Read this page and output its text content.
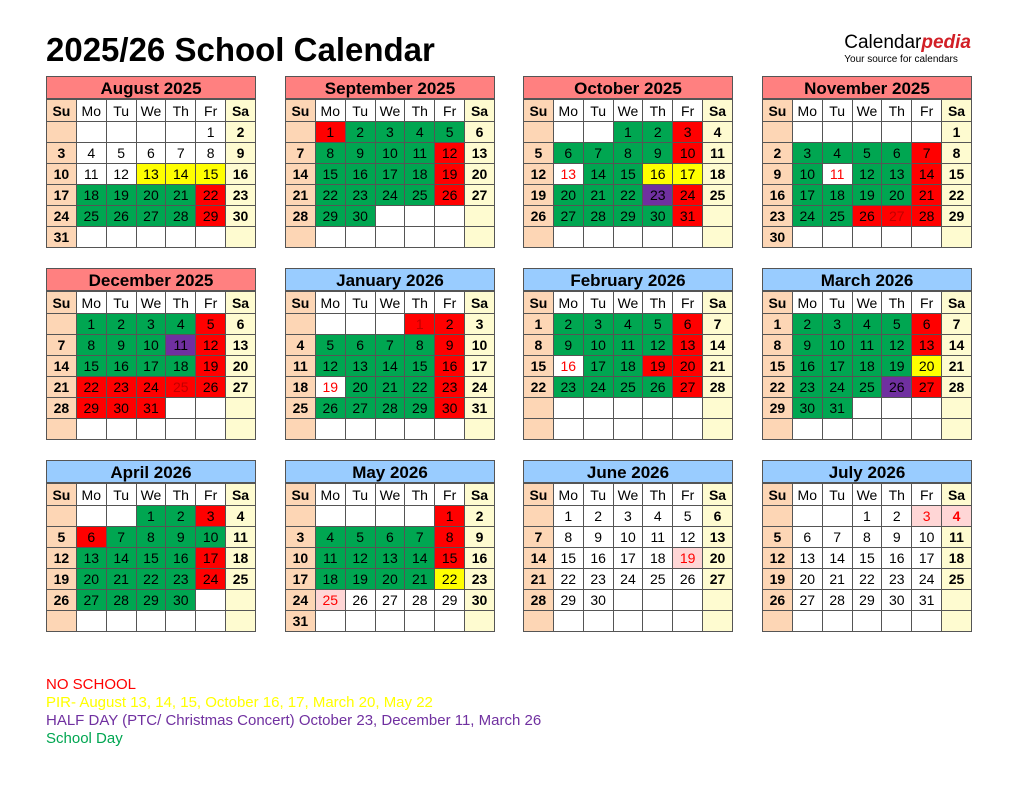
2025/26 School Calendar	Calendarpedia
Your source for calendars
August 2025
Su	Mo	Tu	We	Th	Fr	Sa
					1	2
3	4	5	6	7	8	9
10	11	12	13	14	15	16
17	18	19	20	21	22	23
24	25	26	27	28	29	30
31						
September 2025
Su	Mo	Tu	We	Th	Fr	Sa
	1	2	3	4	5	6
7	8	9	10	11	12	13
14	15	16	17	18	19	20
21	22	23	24	25	26	27
28	29	30				

October 2025
Su	Mo	Tu	We	Th	Fr	Sa
			1	2	3	4
5	6	7	8	9	10	11
12	13	14	15	16	17	18
19	20	21	22	23	24	25
26	27	28	29	30	31	

November 2025
Su	Mo	Tu	We	Th	Fr	Sa
						1
2	3	4	5	6	7	8
9	10	11	12	13	14	15
16	17	18	19	20	21	22
23	24	25	26	27	28	29
30						
December 2025
Su	Mo	Tu	We	Th	Fr	Sa
	1	2	3	4	5	6
7	8	9	10	11	12	13
14	15	16	17	18	19	20
21	22	23	24	25	26	27
28	29	30	31			

January 2026
Su	Mo	Tu	We	Th	Fr	Sa
				1	2	3
4	5	6	7	8	9	10
11	12	13	14	15	16	17
18	19	20	21	22	23	24
25	26	27	28	29	30	31

February 2026
Su	Mo	Tu	We	Th	Fr	Sa
1	2	3	4	5	6	7
8	9	10	11	12	13	14
15	16	17	18	19	20	21
22	23	24	25	26	27	28

March 2026
Su	Mo	Tu	We	Th	Fr	Sa
1	2	3	4	5	6	7
8	9	10	11	12	13	14
15	16	17	18	19	20	21
22	23	24	25	26	27	28
29	30	31				

April 2026
Su	Mo	Tu	We	Th	Fr	Sa
			1	2	3	4
5	6	7	8	9	10	11
12	13	14	15	16	17	18
19	20	21	22	23	24	25
26	27	28	29	30		

May 2026
Su	Mo	Tu	We	Th	Fr	Sa
					1	2
3	4	5	6	7	8	9
10	11	12	13	14	15	16
17	18	19	20	21	22	23
24	25	26	27	28	29	30
31						
June 2026
Su	Mo	Tu	We	Th	Fr	Sa
	1	2	3	4	5	6
7	8	9	10	11	12	13
14	15	16	17	18	19	20
21	22	23	24	25	26	27
28	29	30				

July 2026
Su	Mo	Tu	We	Th	Fr	Sa
			1	2	3	4
5	6	7	8	9	10	11
12	13	14	15	16	17	18
19	20	21	22	23	24	25
26	27	28	29	30	31	

NO SCHOOL
PIR- August 13, 14, 15, October 16, 17, March 20, May 22
HALF DAY (PTC/ Christmas Concert) October 23, December 11, March 26
School Day
